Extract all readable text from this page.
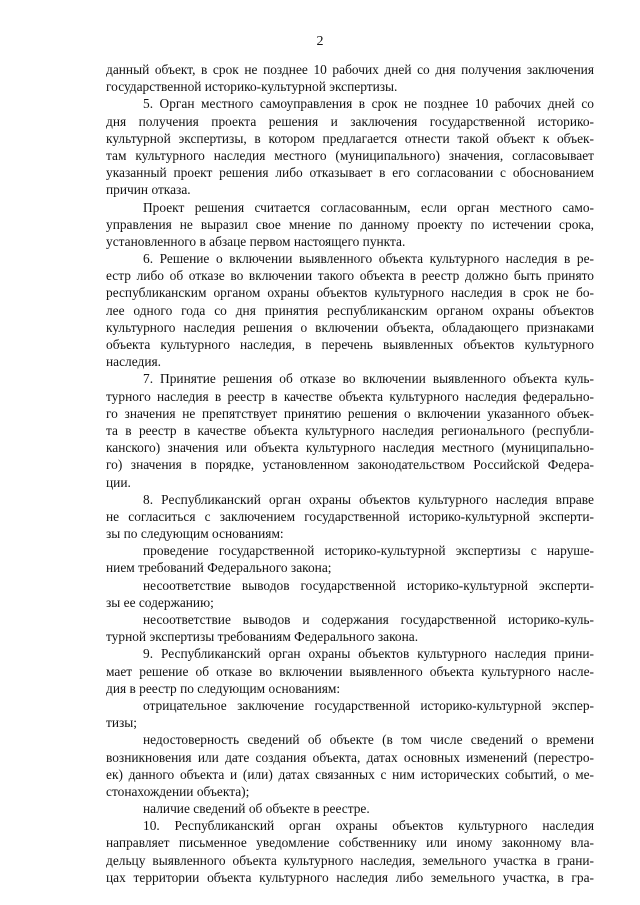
2
данный объект, в срок не позднее 10 рабочих дней со дня получения заключения
государственной историко-культурной экспертизы.
5. Орган местного самоуправления в срок не позднее 10 рабочих дней со
дня получения проекта решения и заключения государственной историко-
культурной экспертизы, в котором предлагается отнести такой объект к объек-
там культурного наследия местного (муниципального) значения, согласовывает
указанный проект решения либо отказывает в его согласовании с обоснованием
причин отказа.
Проект решения считается согласованным, если орган местного само-
управления не выразил свое мнение по данному проекту по истечении срока,
установленного в абзаце первом настоящего пункта.
6. Решение о включении выявленного объекта культурного наследия в ре-
естр либо об отказе во включении такого объекта в реестр должно быть принято
республиканским органом охраны объектов культурного наследия в срок не бо-
лее одного года со дня принятия республиканским органом охраны объектов
культурного наследия решения о включении объекта, обладающего признаками
объекта культурного наследия, в перечень выявленных объектов культурного
наследия.
7. Принятие решения об отказе во включении выявленного объекта куль-
турного наследия в реестр в качестве объекта культурного наследия федерально-
го значения не препятствует принятию решения о включении указанного объек-
та в реестр в качестве объекта культурного наследия регионального (республи-
канского) значения или объекта культурного наследия местного (муниципально-
го) значения в порядке, установленном законодательством Российской Федера-
ции.
8. Республиканский орган охраны объектов культурного наследия вправе
не согласиться с заключением государственной историко-культурной эксперти-
зы по следующим основаниям:
проведение государственной историко-культурной экспертизы с наруше-
нием требований Федерального закона;
несоответствие выводов государственной историко-культурной эксперти-
зы ее содержанию;
несоответствие выводов и содержания государственной историко-куль-
турной экспертизы требованиям Федерального закона.
9. Республиканский орган охраны объектов культурного наследия прини-
мает решение об отказе во включении выявленного объекта культурного насле-
дия в реестр по следующим основаниям:
отрицательное заключение государственной историко-культурной экспер-
тизы;
недостоверность сведений об объекте (в том числе сведений о времени
возникновения или дате создания объекта, датах основных изменений (перестро-
ек) данного объекта и (или) датах связанных с ним исторических событий, о ме-
стонахождении объекта);
наличие сведений об объекте в реестре.
10. Республиканский орган охраны объектов культурного наследия
направляет письменное уведомление собственнику или иному законному вла-
дельцу выявленного объекта культурного наследия, земельного участка в грани-
цах территории объекта культурного наследия либо земельного участка, в гра-
